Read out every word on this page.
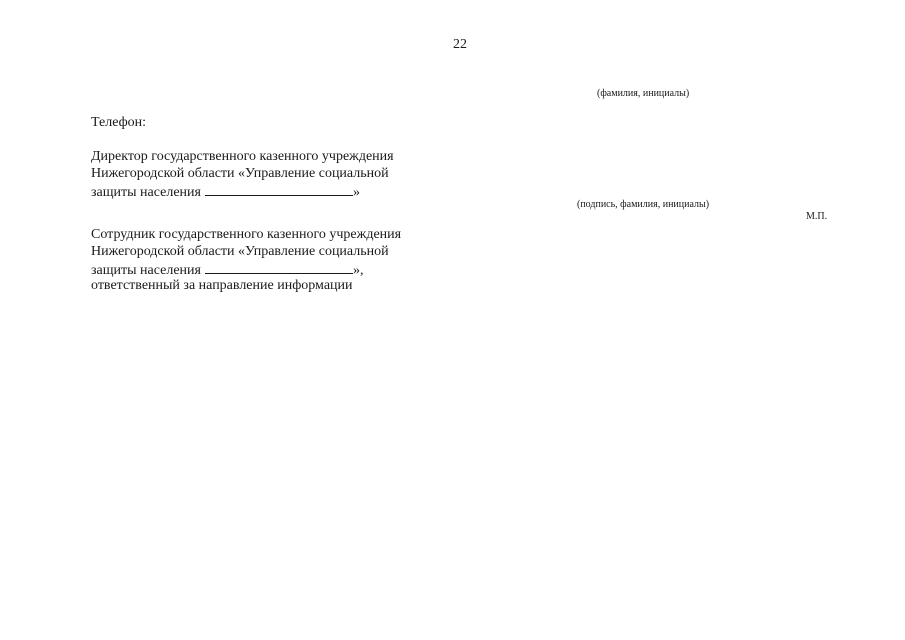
22
(фамилия, инициалы)
Телефон:
Директор государственного казенного учреждения
Нижегородской области «Управление социальной
защиты населения	»
(подпись, фамилия, инициалы)
М.П.
Сотрудник государственного казенного учреждения
Нижегородской области «Управление социальной
защиты населения	»,
ответственный за направление информации
